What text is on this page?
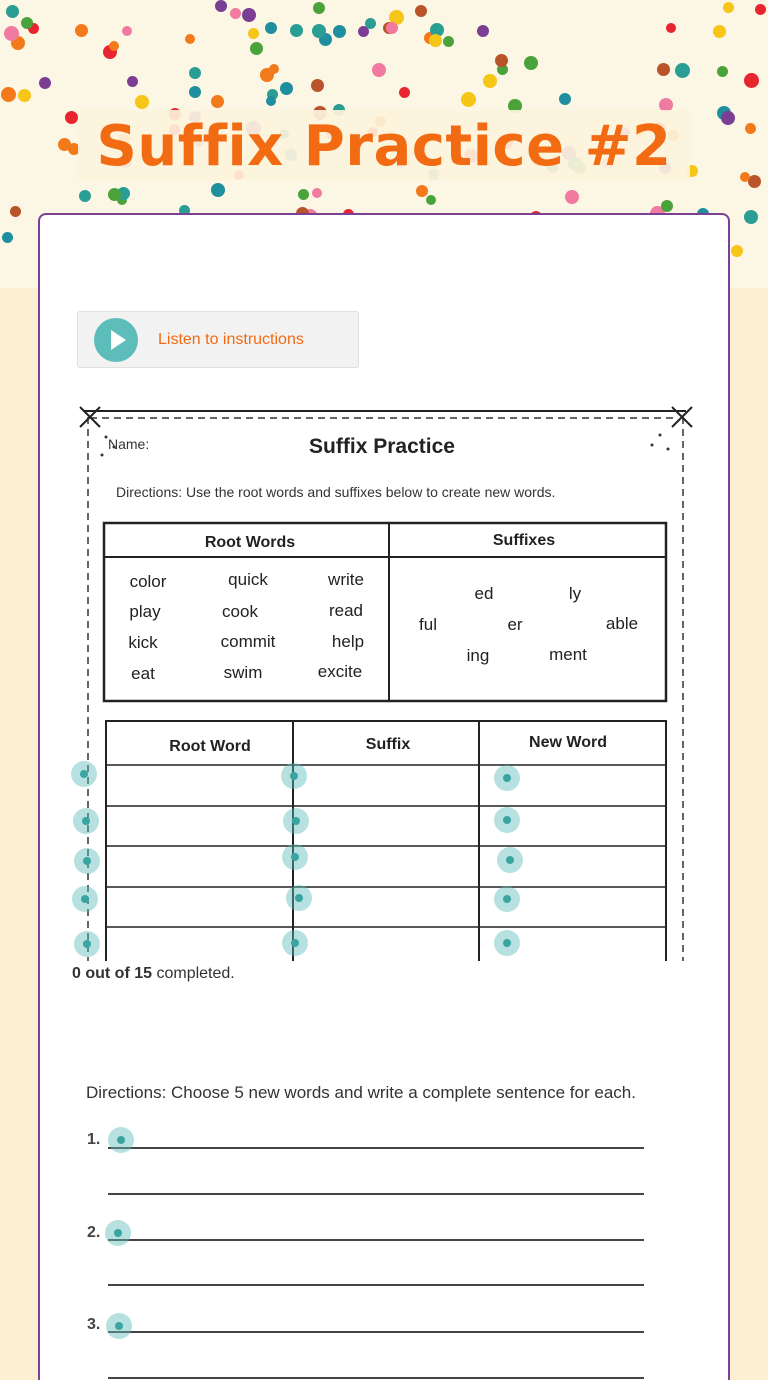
Suffix Practice #2
Listen to instructions
Name:	Suffix Practice
Directions: Use the root words and suffixes below to create new words.
Root Words	Suffixes
color	quick	write
play	cook	read
kick	commit	help
eat	swim	excite
ed	ly
ful	er	able
ing	ment
Root Word	Suffix	New Word
0 out of 15 completed.
Directions: Choose 5 new words and write a complete sentence for each.
1.
2.
3.
